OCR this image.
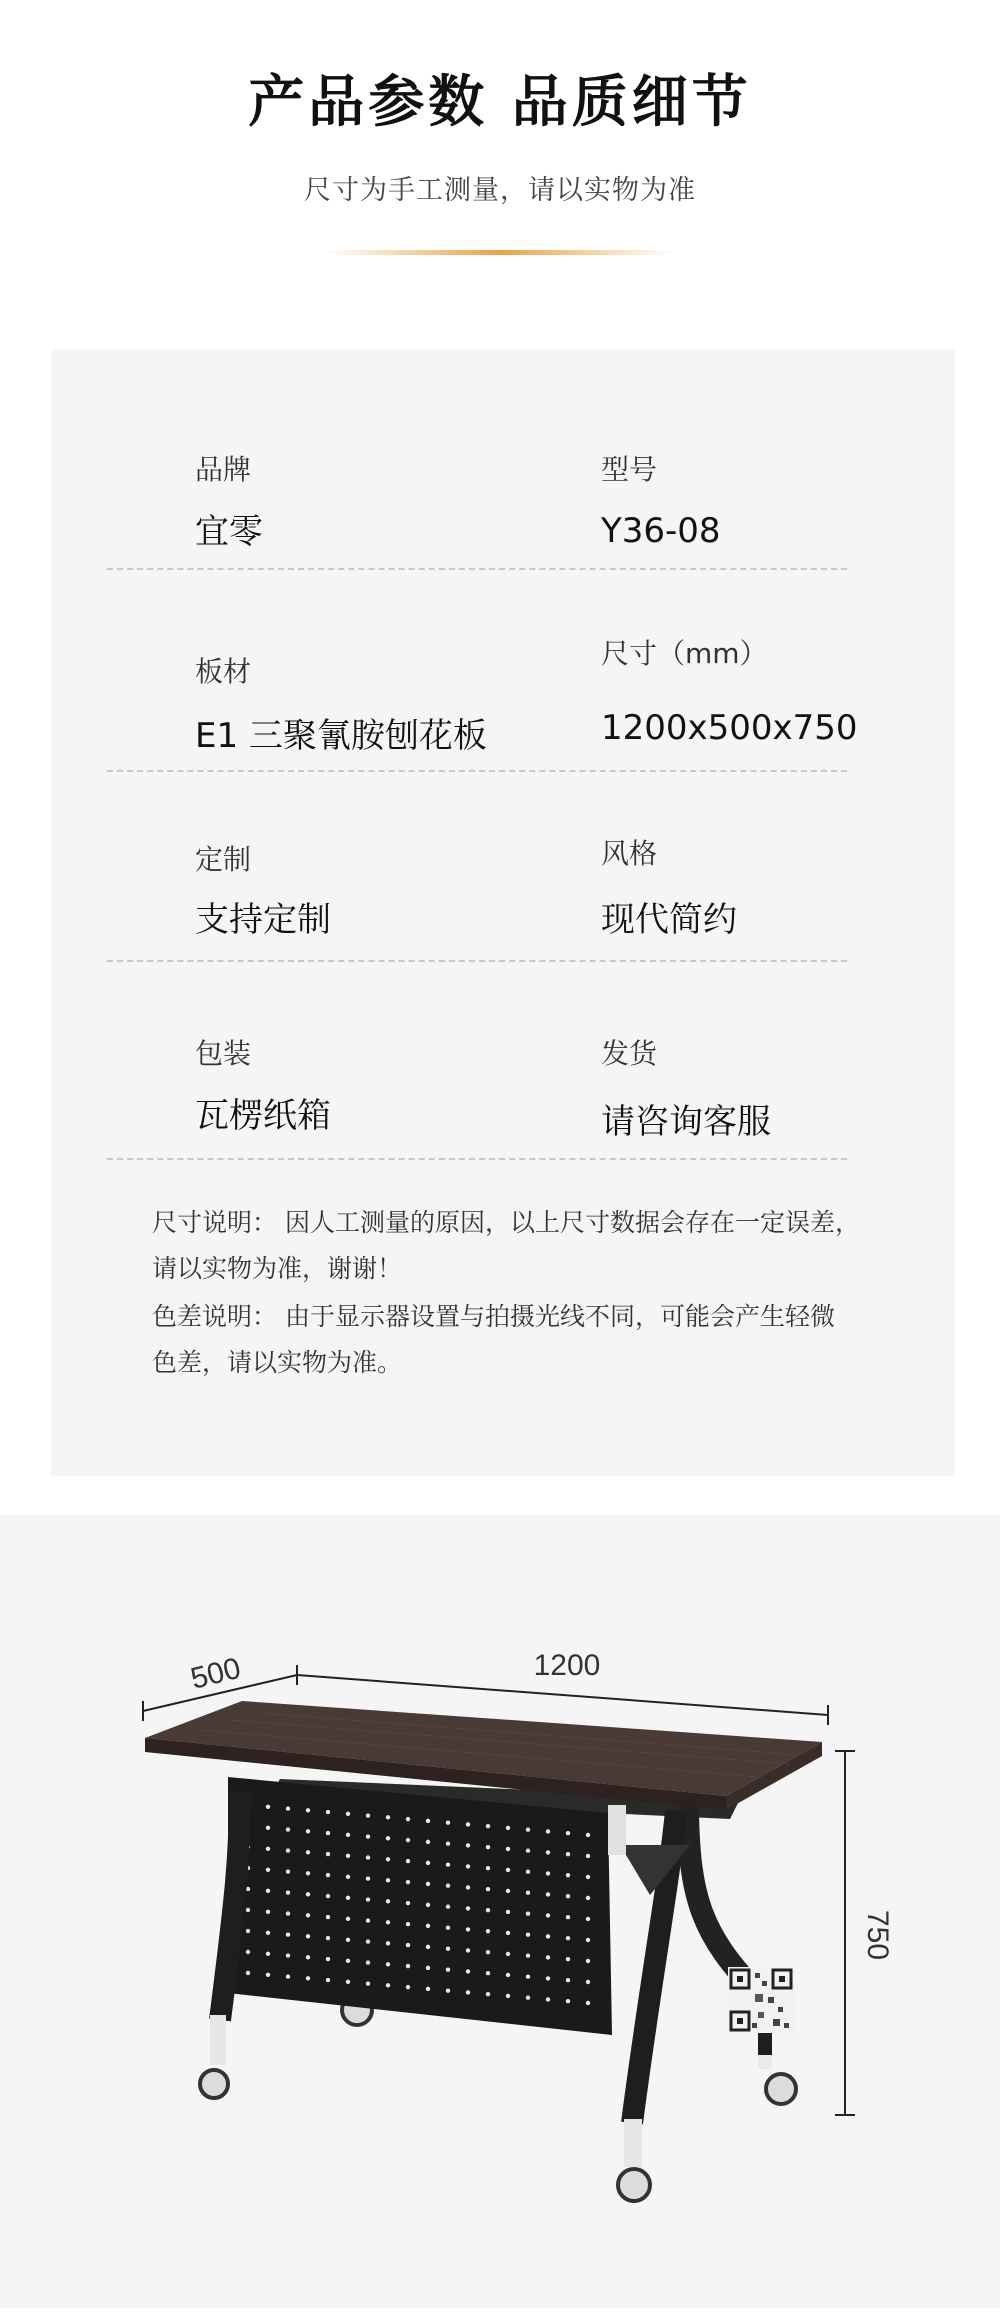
产品参数 品质细节
尺寸为手工测量，请以实物为准
品牌
宜零
型号
Y36-08
板材
E1 三聚氰胺刨花板
尺寸（mm）
1200x500x750
定制
支持定制
风格
现代简约
包装
瓦楞纸箱
发货
请咨询客服
尺寸说明： 因人工测量的原因，以上尺寸数据会存在一定误差，
请以实物为准，谢谢！
色差说明： 由于显示器设置与拍摄光线不同，可能会产生轻微
色差，请以实物为准。
500	1200
750
